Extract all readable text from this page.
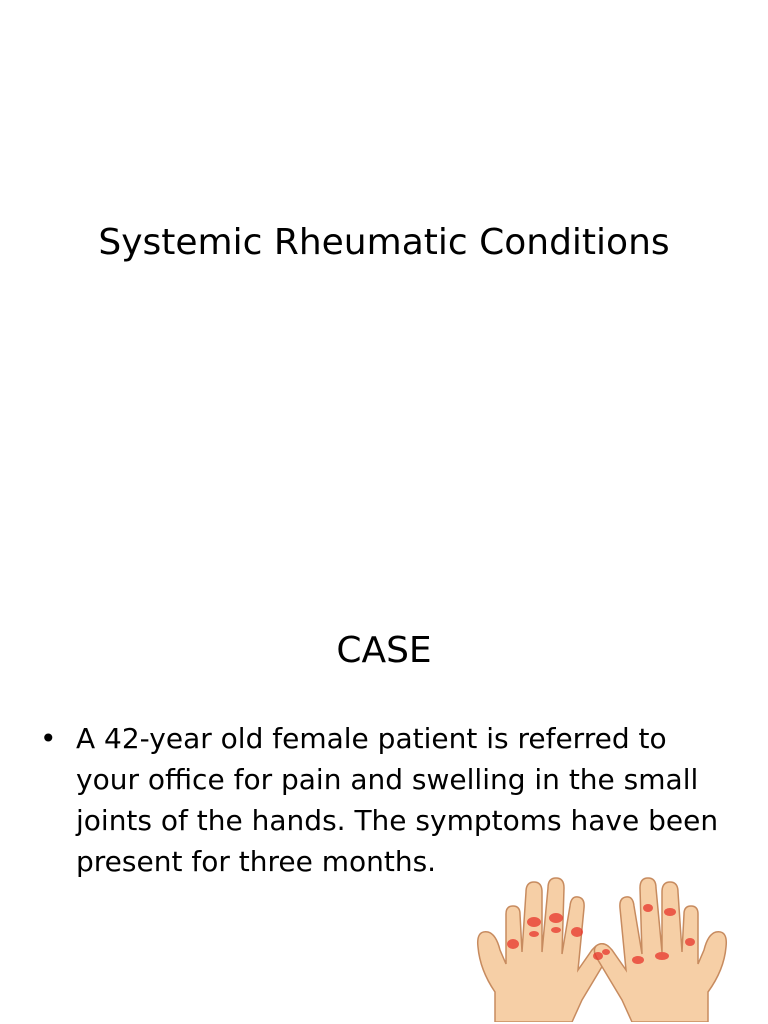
Systemic Rheumatic Conditions
CASE
• A 42-year old female patient is referred to your office for pain and swelling in the small joints of the hands. The symptoms have been present for three months.
